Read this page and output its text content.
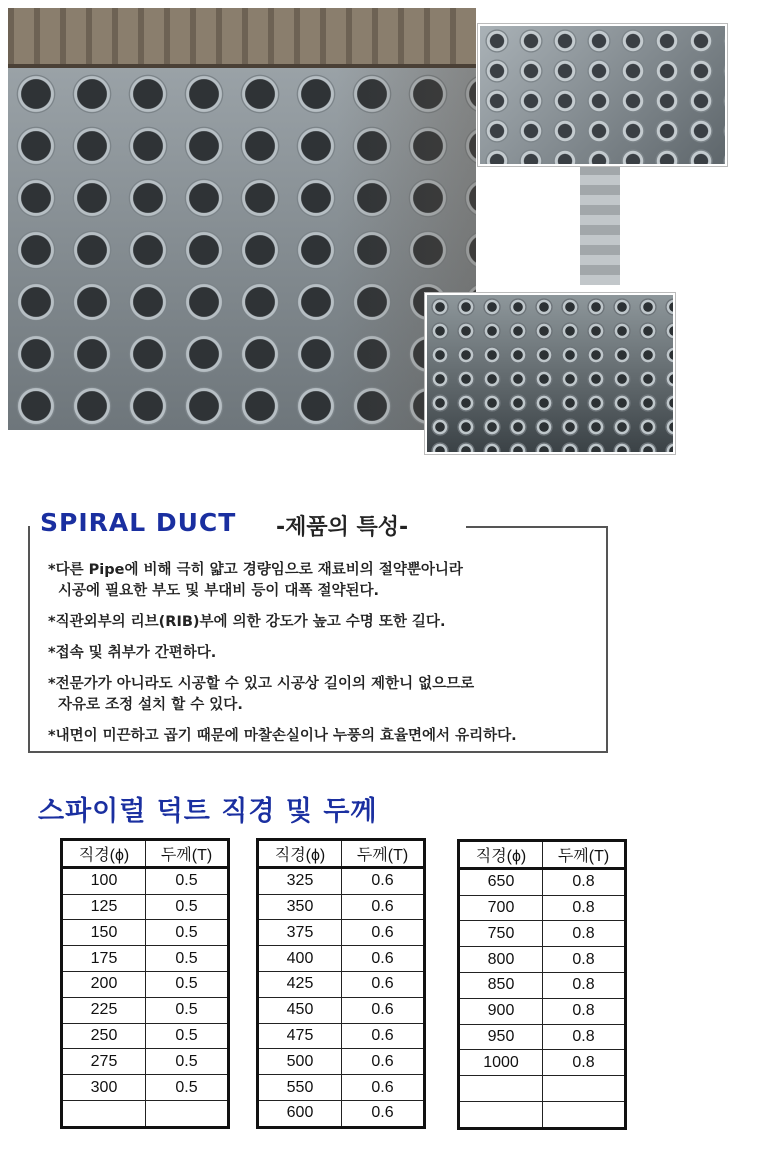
SPIRAL DUCT -제품의 특성-
*다른 Pipe에 비해 극히 얇고 경량임으로 재료비의 절약뿐아니라
시공에 필요한 부도 및 부대비 등이 대폭 절약된다.
*직관외부의 리브(RIB)부에 의한 강도가 높고 수명 또한 길다.
*접속 및 취부가 간편하다.
*전문가가 아니라도 시공할 수 있고 시공상 길이의 제한니 없으므로
자유로 조정 설치 할 수 있다.
*내면이 미끈하고 곱기 때문에 마찰손실이나 누풍의 효율면에서 유리하다.
스파이럴 덕트 직경 및 두께
직경(ϕ)	두께(T)
100	0.5
125	0.5
150	0.5
175	0.5
200	0.5
225	0.5
250	0.5
275	0.5
300	0.5

직경(ϕ)	두께(T)
325	0.6
350	0.6
375	0.6
400	0.6
425	0.6
450	0.6
475	0.6
500	0.6
550	0.6
600	0.6
직경(ϕ)	두께(T)
650	0.8
700	0.8
750	0.8
800	0.8
850	0.8
900	0.8
950	0.8
1000	0.8
